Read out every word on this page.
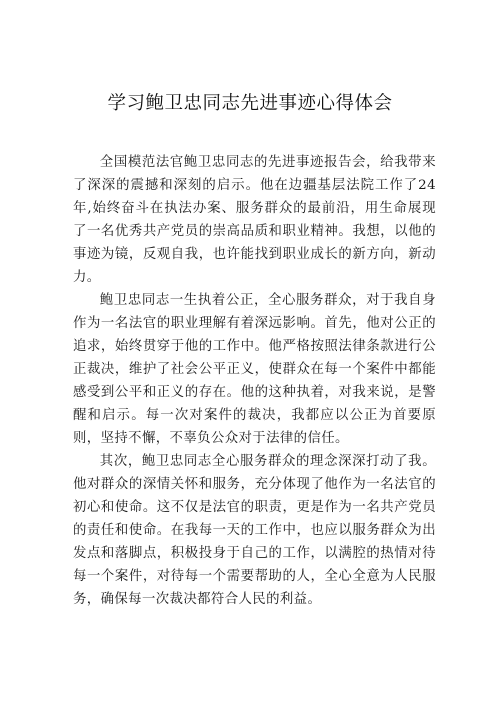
学习鲍卫忠同志先进事迹心得体会

全国模范法官鲍卫忠同志的先进事迹报告会，给我带来了深深的震撼和深刻的启示。他在边疆基层法院工作了24年,始终奋斗在执法办案、服务群众的最前沿，用生命展现了一名优秀共产党员的崇高品质和职业精神。我想，以他的事迹为镜，反观自我，也许能找到职业成长的新方向，新动力。

鲍卫忠同志一生执着公正，全心服务群众，对于我自身作为一名法官的职业理解有着深远影响。首先，他对公正的追求，始终贯穿于他的工作中。他严格按照法律条款进行公正裁决，维护了社会公平正义，使群众在每一个案件中都能感受到公平和正义的存在。他的这种执着，对我来说，是警醒和启示。每一次对案件的裁决，我都应以公正为首要原则，坚持不懈，不辜负公众对于法律的信任。

其次，鲍卫忠同志全心服务群众的理念深深打动了我。他对群众的深情关怀和服务，充分体现了他作为一名法官的初心和使命。这不仅是法官的职责，更是作为一名共产党员的责任和使命。在我每一天的工作中，也应以服务群众为出发点和落脚点，积极投身于自己的工作，以满腔的热情对待每一个案件，对待每一个需要帮助的人，全心全意为人民服务，确保每一次裁决都符合人民的利益。
